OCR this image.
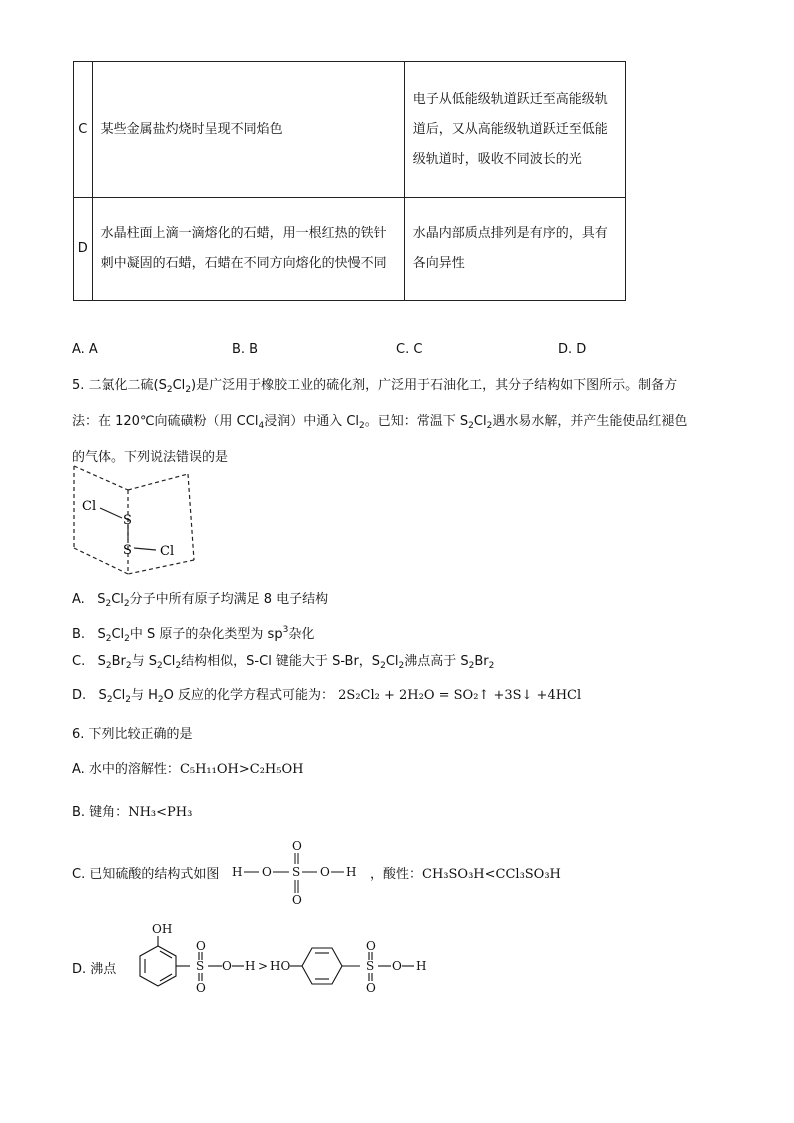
C	某些金属盐灼烧时呈现不同焰色	电子从低能级轨道跃迁至高能级轨道后，又从高能级轨道跃迁至低能级轨道时，吸收不同波长的光
D	水晶柱面上滴一滴熔化的石蜡，用一根红热的铁针刺中凝固的石蜡，石蜡在不同方向熔化的快慢不同	水晶内部质点排列是有序的，具有各向异性
A. A	B. B	C. C	D. D
5. 二氯化二硫$(S_2Cl_2)$是广泛用于橡胶工业的硫化剂，广泛用于石油化工，其分子结构如下图所示。制备方
法：在 120℃向硫磺粉（用 CCl$_4$浸润）中通入 $Cl_2$。已知：常温下 $S_2Cl_2$遇水易水解，并产生能使品红褪色
的气体。下列说法错误的是
Cl
S
S Cl
A.   $S_2Cl_2$分子中所有原子均满足 8 电子结构
B.   $S_2Cl_2$中 S 原子的杂化类型为 $sp^3$杂化
C.   $S_2Br_2$与 $S_2Cl_2$结构相似，S-Cl 键能大于 S-Br，$S_2Cl_2$沸点高于 $S_2Br_2$
D.   $S_2Cl_2$与 $H_2O$ 反应的化学方程式可能为： 2S₂Cl₂ + 2H₂O = SO₂↑ +3S↓ +4HCl
6. 下列比较正确的是
A. 水中的溶解性：C₅H₁₁OH>C₂H₅OH
B. 键角：NH₃<PH₃
C. 已知硫酸的结构式如图 H O S
O
O
O H ，酸性：CH₃SO₃H<CCl₃SO₃H
D. 沸点
OH
O
S
O
O H > HO
O
S
O
O H
